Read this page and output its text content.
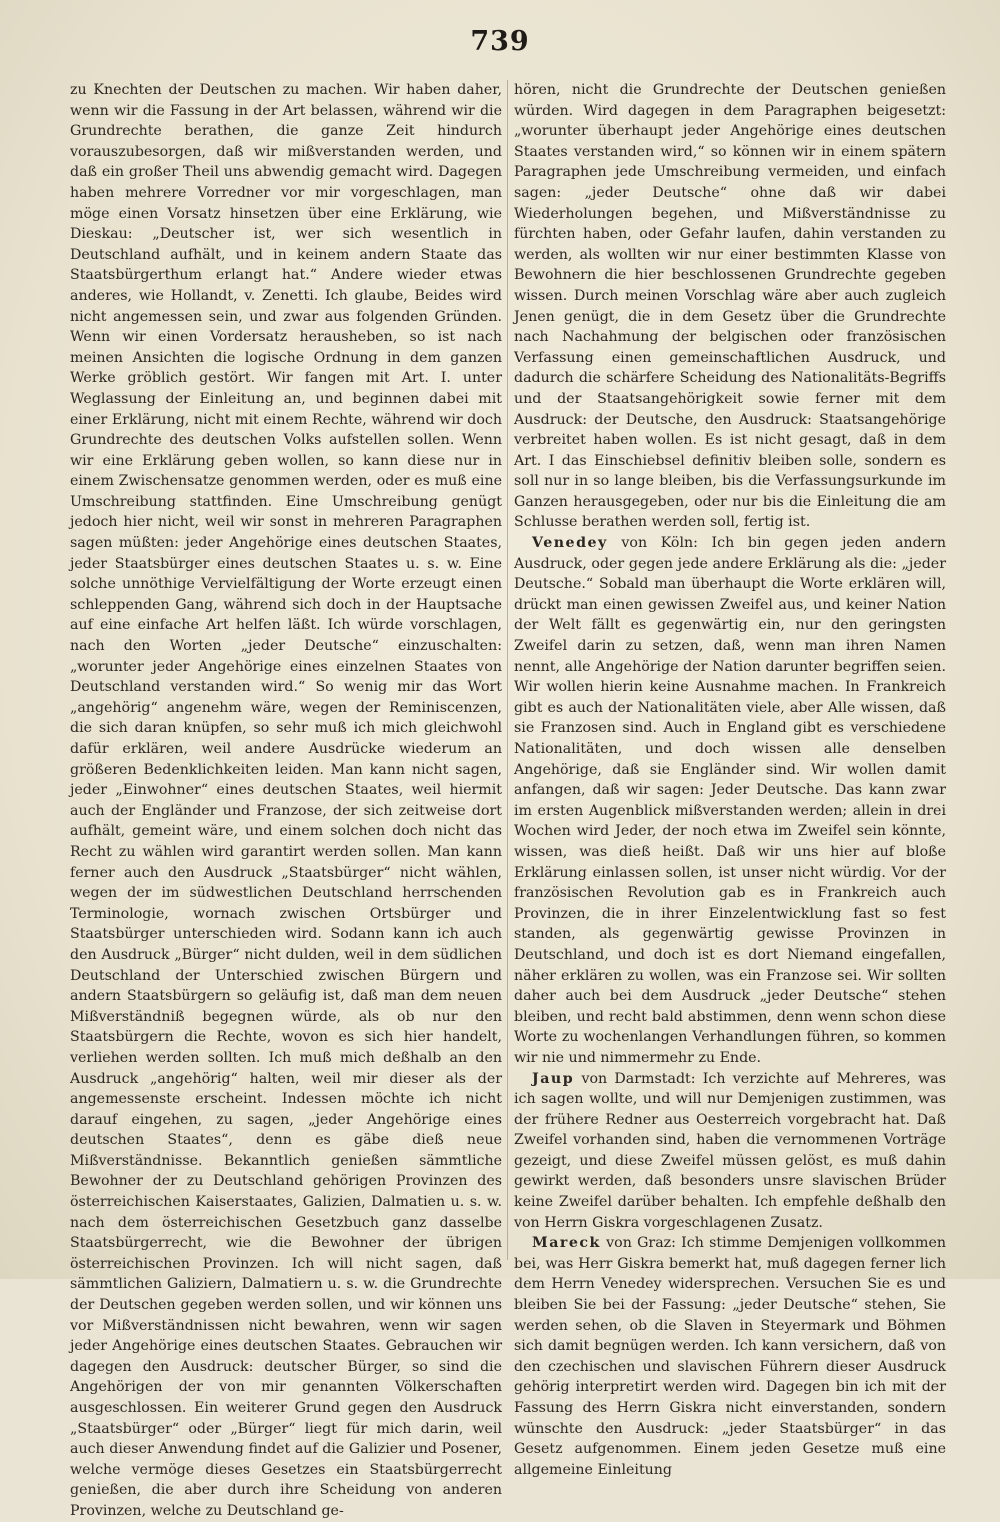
739

zu Knechten der Deutschen zu machen. Wir haben daher, wenn wir die Fassung in der Art belassen, während wir die Grundrechte berathen, die ganze Zeit hindurch vorauszubesorgen, daß wir mißverstanden werden, und daß ein großer Theil uns abwendig gemacht wird. Dagegen haben mehrere Vorredner vor mir vorgeschlagen, man möge einen Vorsatz hinsetzen über eine Erklärung, wie Dieskau: „Deutscher ist, wer sich wesentlich in Deutschland aufhält, und in keinem andern Staate das Staatsbürgerthum erlangt hat.“ Andere wieder etwas anderes, wie Hollandt, v. Zenetti. Ich glaube, Beides wird nicht angemessen sein, und zwar aus folgenden Gründen. Wenn wir einen Vordersatz herausheben, so ist nach meinen Ansichten die logische Ordnung in dem ganzen Werke gröblich gestört. Wir fangen mit Art. I. unter Weglassung der Einleitung an, und beginnen dabei mit einer Erklärung, nicht mit einem Rechte, während wir doch Grundrechte des deutschen Volks aufstellen sollen. Wenn wir eine Erklärung geben wollen, so kann diese nur in einem Zwischensatze genommen werden, oder es muß eine Umschreibung stattfinden. Eine Umschreibung genügt jedoch hier nicht, weil wir sonst in mehreren Paragraphen sagen müßten: jeder Angehörige eines deutschen Staates, jeder Staatsbürger eines deutschen Staates u. s. w. Eine solche unnöthige Vervielfältigung der Worte erzeugt einen schleppenden Gang, während sich doch in der Hauptsache auf eine einfache Art helfen läßt. Ich würde vorschlagen, nach den Worten „jeder Deutsche“ einzuschalten: „worunter jeder Angehörige eines einzelnen Staates von Deutschland verstanden wird.“ So wenig mir das Wort „angehörig“ angenehm wäre, wegen der Reminiscenzen, die sich daran knüpfen, so sehr muß ich mich gleichwohl dafür erklären, weil andere Ausdrücke wiederum an größeren Bedenklichkeiten leiden. Man kann nicht sagen, jeder „Einwohner“ eines deutschen Staates, weil hiermit auch der Engländer und Franzose, der sich zeitweise dort aufhält, gemeint wäre, und einem solchen doch nicht das Recht zu wählen wird garantirt werden sollen. Man kann ferner auch den Ausdruck „Staatsbürger“ nicht wählen, wegen der im südwestlichen Deutschland herrschenden Terminologie, wornach zwischen Ortsbürger und Staatsbürger unterschieden wird. Sodann kann ich auch den Ausdruck „Bürger“ nicht dulden, weil in dem südlichen Deutschland der Unterschied zwischen Bürgern und andern Staatsbürgern so geläufig ist, daß man dem neuen Mißverständniß begegnen würde, als ob nur den Staatsbürgern die Rechte, wovon es sich hier handelt, verliehen werden sollten. Ich muß mich deßhalb an den Ausdruck „angehörig“ halten, weil mir dieser als der angemessenste erscheint. Indessen möchte ich nicht darauf eingehen, zu sagen, „jeder Angehörige eines deutschen Staates“, denn es gäbe dieß neue Mißverständnisse. Bekanntlich genießen sämmtliche Bewohner der zu Deutschland gehörigen Provinzen des österreichischen Kaiserstaates, Galizien, Dalmatien u. s. w. nach dem österreichischen Gesetzbuch ganz dasselbe Staatsbürgerrecht, wie die Bewohner der übrigen österreichischen Provinzen. Ich will nicht sagen, daß sämmtlichen Galiziern, Dalmatiern u. s. w. die Grundrechte der Deutschen gegeben werden sollen, und wir können uns vor Mißverständnissen nicht bewahren, wenn wir sagen jeder Angehörige eines deutschen Staates. Gebrauchen wir dagegen den Ausdruck: deutscher Bürger, so sind die Angehörigen der von mir genannten Völkerschaften ausgeschlossen. Ein weiterer Grund gegen den Ausdruck „Staatsbürger“ oder „Bürger“ liegt für mich darin, weil auch dieser Anwendung findet auf die Galizier und Posener, welche vermöge dieses Gesetzes ein Staatsbürgerrecht genießen, die aber durch ihre Scheidung von anderen Provinzen, welche zu Deutschland ge-

hören, nicht die Grundrechte der Deutschen genießen würden. Wird dagegen in dem Paragraphen beigesetzt: „worunter überhaupt jeder Angehörige eines deutschen Staates verstanden wird,“ so können wir in einem spätern Paragraphen jede Umschreibung vermeiden, und einfach sagen: „jeder Deutsche“ ohne daß wir dabei Wiederholungen begehen, und Mißverständnisse zu fürchten haben, oder Gefahr laufen, dahin verstanden zu werden, als wollten wir nur einer bestimmten Klasse von Bewohnern die hier beschlossenen Grundrechte gegeben wissen. Durch meinen Vorschlag wäre aber auch zugleich Jenen genügt, die in dem Gesetz über die Grundrechte nach Nachahmung der belgischen oder französischen Verfassung einen gemeinschaftlichen Ausdruck, und dadurch die schärfere Scheidung des Nationalitäts-Begriffs und der Staatsangehörigkeit sowie ferner mit dem Ausdruck: der Deutsche, den Ausdruck: Staatsangehörige verbreitet haben wollen. Es ist nicht gesagt, daß in dem Art. I das Einschiebsel definitiv bleiben solle, sondern es soll nur in so lange bleiben, bis die Verfassungsurkunde im Ganzen herausgegeben, oder nur bis die Einleitung die am Schlusse berathen werden soll, fertig ist.

Venedey von Köln: Ich bin gegen jeden andern Ausdruck, oder gegen jede andere Erklärung als die: „jeder Deutsche.“ Sobald man überhaupt die Worte erklären will, drückt man einen gewissen Zweifel aus, und keiner Nation der Welt fällt es gegenwärtig ein, nur den geringsten Zweifel darin zu setzen, daß, wenn man ihren Namen nennt, alle Angehörige der Nation darunter begriffen seien. Wir wollen hierin keine Ausnahme machen. In Frankreich gibt es auch der Nationalitäten viele, aber Alle wissen, daß sie Franzosen sind. Auch in England gibt es verschiedene Nationalitäten, und doch wissen alle denselben Angehörige, daß sie Engländer sind. Wir wollen damit anfangen, daß wir sagen: Jeder Deutsche. Das kann zwar im ersten Augenblick mißverstanden werden; allein in drei Wochen wird Jeder, der noch etwa im Zweifel sein könnte, wissen, was dieß heißt. Daß wir uns hier auf bloße Erklärung einlassen sollen, ist unser nicht würdig. Vor der französischen Revolution gab es in Frankreich auch Provinzen, die in ihrer Einzelentwicklung fast so fest standen, als gegenwärtig gewisse Provinzen in Deutschland, und doch ist es dort Niemand eingefallen, näher erklären zu wollen, was ein Franzose sei. Wir sollten daher auch bei dem Ausdruck „jeder Deutsche“ stehen bleiben, und recht bald abstimmen, denn wenn schon diese Worte zu wochenlangen Verhandlungen führen, so kommen wir nie und nimmermehr zu Ende.

Jaup von Darmstadt: Ich verzichte auf Mehreres, was ich sagen wollte, und will nur Demjenigen zustimmen, was der frühere Redner aus Oesterreich vorgebracht hat. Daß Zweifel vorhanden sind, haben die vernommenen Vorträge gezeigt, und diese Zweifel müssen gelöst, es muß dahin gewirkt werden, daß besonders unsre slavischen Brüder keine Zweifel darüber behalten. Ich empfehle deßhalb den von Herrn Giskra vorgeschlagenen Zusatz.

Mareck von Graz: Ich stimme Demjenigen vollkommen bei, was Herr Giskra bemerkt hat, muß dagegen ferner lich dem Herrn Venedey widersprechen. Versuchen Sie es und bleiben Sie bei der Fassung: „jeder Deutsche“ stehen, Sie werden sehen, ob die Slaven in Steyermark und Böhmen sich damit begnügen werden. Ich kann versichern, daß von den czechischen und slavischen Führern dieser Ausdruck gehörig interpretirt werden wird. Dagegen bin ich mit der Fassung des Herrn Giskra nicht einverstanden, sondern wünschte den Ausdruck: „jeder Staatsbürger“ in das Gesetz aufgenommen. Einem jeden Gesetze muß eine allgemeine Einleitung
